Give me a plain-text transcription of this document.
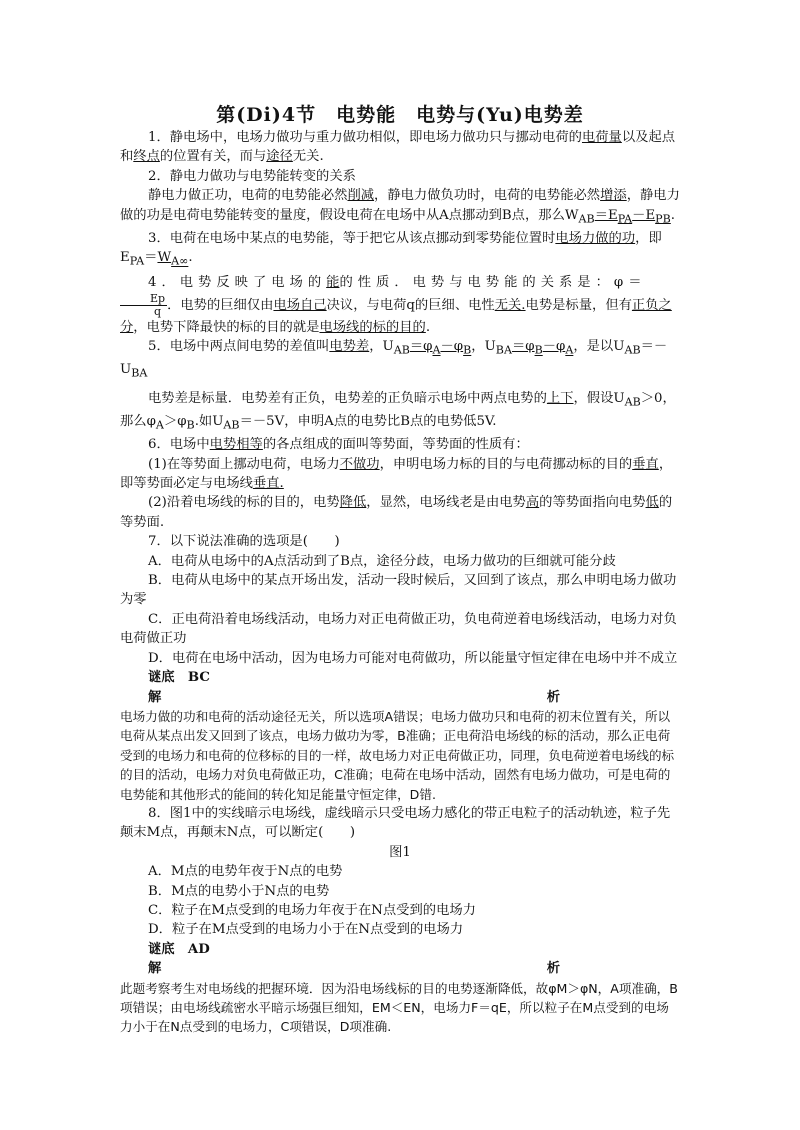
第(Di)4节　电势能　电势与(Yu)电势差

1．静电场中，电场力做功与重力做功相似，即电场力做功只与挪动电荷的电荷量以及起点和终点的位置有关，而与途径无关.

2．静电力做功与电势能转变的关系

静电力做正功，电荷的电势能必然削减，静电力做负功时，电荷的电势能必然增添，静电力做的功是电荷电势能转变的量度，假设电荷在电场中从A点挪动到B点，那么$W_{AB}=E_{PA}-E_{PB}$.

3．电荷在电场中某点的电势能，等于把它从该点挪动到零势能位置时电场力做的功，即$E_{PA}=W_{A\infty}$.

4．电势反映了电场的能的性质．电势与电势能的关系是：φ＝
$\frac{Ep}{q}$ ．电势的巨细仅由电场自己决议，与电荷q的巨细、电性无关.电势是标量，但有正负之分，电势下降最快的标的目的就是电场线的标的目的.

5．电场中两点间电势的差值叫电势差，$U_{AB}=\varphi_A-\varphi_B$，$U_{BA}=\varphi_B-\varphi_A$，是以$U_{AB}=-U_{BA}$

电势差是标量．电势差有正负，电势差的正负暗示电场中两点电势的上下，假设$U_{AB}>0$，那么$\varphi_A>\varphi_B$.如$U_{AB}=-5V$，申明A点的电势比B点的电势低5V.

6．电场中电势相等的各点组成的面叫等势面，等势面的性质有：

(1)在等势面上挪动电荷，电场力不做功，申明电场力标的目的与电荷挪动标的目的垂直，即等势面必定与电场线垂直.

(2)沿着电场线的标的目的，电势降低，显然，电场线老是由电势高的等势面指向电势低的等势面.

7．以下说法准确的选项是(　　)

A．电荷从电场中的A点活动到了B点，途径分歧，电场力做功的巨细就可能分歧

B．电荷从电场中的某点开场出发，活动一段时候后，又回到了该点，那么申明电场力做功为零

C．正电荷沿着电场线活动，电场力对正电荷做正功，负电荷逆着电场线活动，电场力对负电荷做正功

D．电荷在电场中活动，因为电场力可能对电荷做功，所以能量守恒定律在电场中并不成立

谜底　BC

解	析

电场力做的功和电荷的活动途径无关，所以选项A错误；电场力做功只和电荷的初末位置有关，所以电荷从某点出发又回到了该点，电场力做功为零，B准确；正电荷沿电场线的标的活动，那么正电荷受到的电场力和电荷的位移标的目的一样，故电场力对正电荷做正功，同理，负电荷逆着电场线的标的目的活动，电场力对负电荷做正功，C准确；电荷在电场中活动，固然有电场力做功，可是电荷的电势能和其他形式的能间的转化知足能量守恒定律，D错.

8．图1中的实线暗示电场线，虚线暗示只受电场力感化的带正电粒子的活动轨迹，粒子先颠末M点，再颠末N点，可以断定(　　)

图1

A．M点的电势年夜于N点的电势

B．M点的电势小于N点的电势

C．粒子在M点受到的电场力年夜于在N点受到的电场力

D．粒子在M点受到的电场力小于在N点受到的电场力

谜底　AD

解	析

此题考察考生对电场线的把握环境．因为沿电场线标的目的电势逐渐降低，故φM＞φN，A项准确，B项错误；由电场线疏密水平暗示场强巨细知，EM＜EN，电场力F＝qE，所以粒子在M点受到的电场力小于在N点受到的电场力，C项错误，D项准确.
